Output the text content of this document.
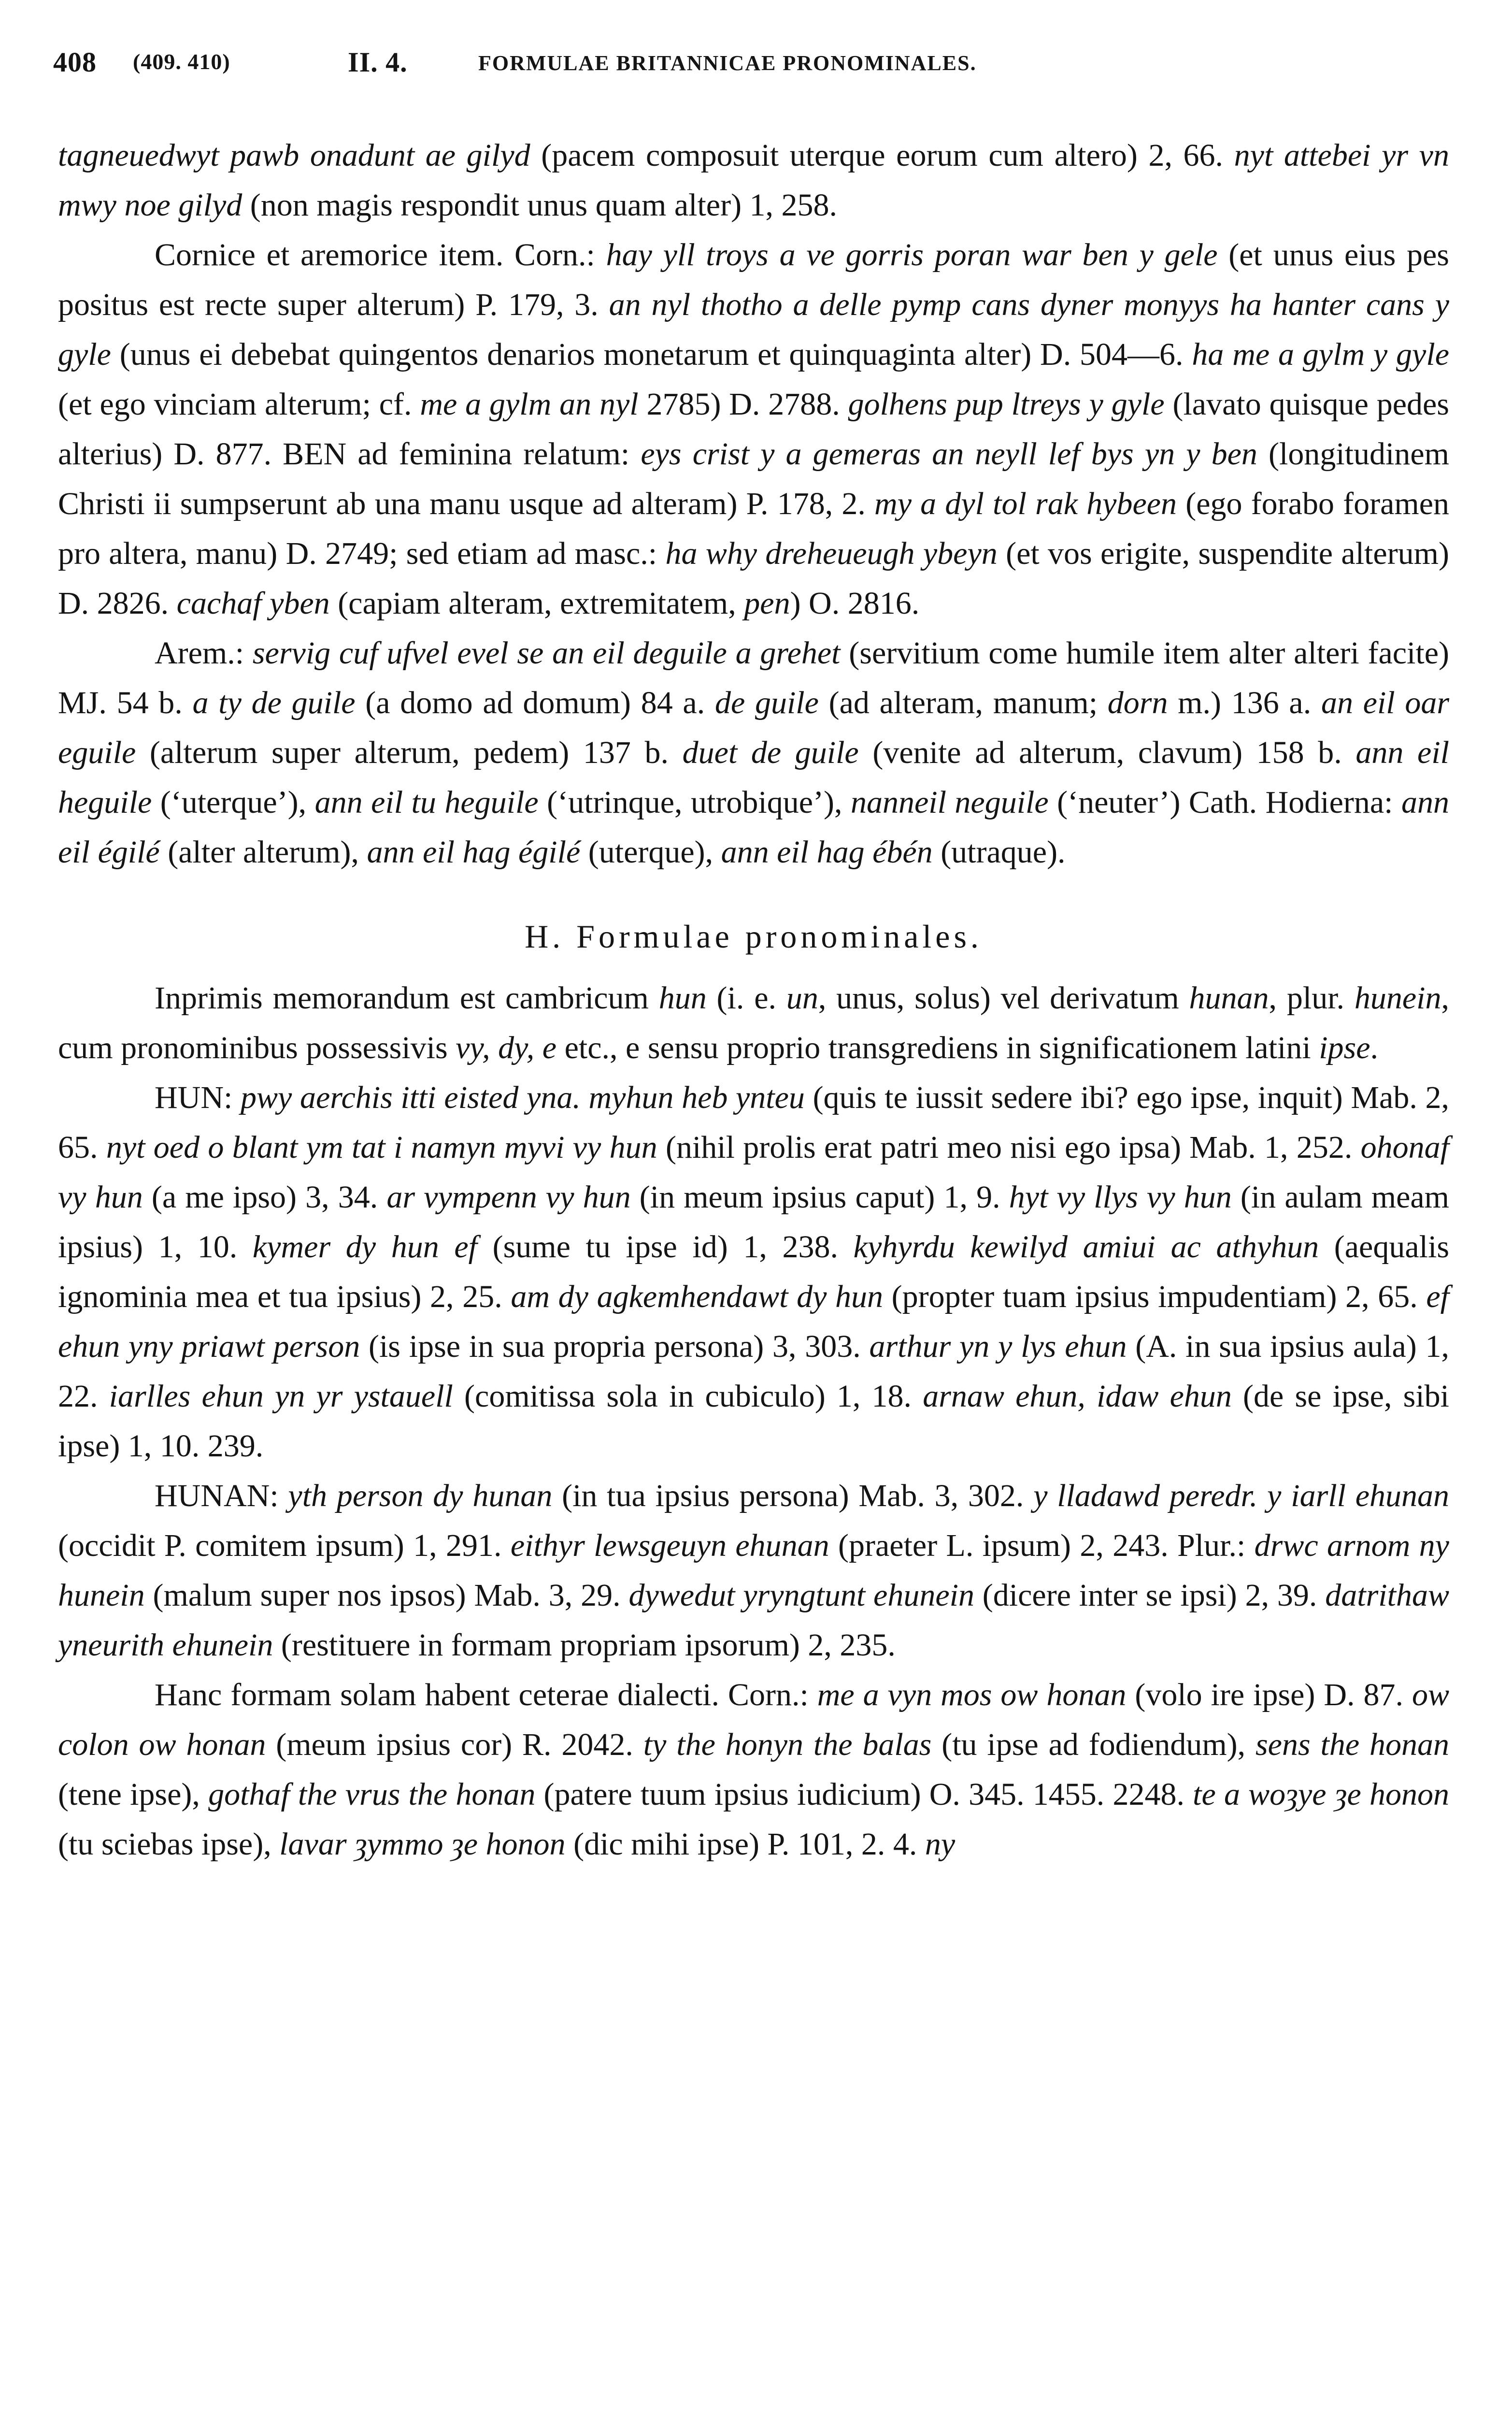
408 (409. 410)	II. 4.	FORMULAE BRITANNICAE PRONOMINALES.

tagneuedwyt pawb onadunt ae gilyd (pacem composuit uterque eorum cum altero) 2, 66. nyt attebei yr vn mwy noe gilyd (non magis respondit unus quam alter) 1, 258.

Cornice et aremorice item. Corn.: hay yll troys a ve gorris poran war ben y gele (et unus eius pes positus est recte super alterum) P. 179, 3. an nyl thotho a delle pymp cans dyner monyys ha hanter cans y gyle (unus ei debebat quingentos denarios monetarum et quinquaginta alter) D. 504—6. ha me a gylm y gyle (et ego vinciam alterum; cf. me a gylm an nyl 2785) D. 2788. golhens pup ltreys y gyle (lavato quisque pedes alterius) D. 877. BEN ad feminina relatum: eys crist y a gemeras an neyll lef bys yn y ben (longitudinem Christi ii sumpserunt ab una manu usque ad alteram) P. 178, 2. my a dyl tol rak hybeen (ego forabo foramen pro altera, manu) D. 2749; sed etiam ad masc.: ha why dreheueugh ybeyn (et vos erigite, suspendite alterum) D. 2826. cachaf yben (capiam alteram, extremitatem, pen) O. 2816.

Arem.: servig cuf ufvel evel se an eil deguile a grehet (servitium come humile item alter alteri facite) MJ. 54 b. a ty de guile (a domo ad domum) 84 a. de guile (ad alteram, manum; dorn m.) 136 a. an eil oar eguile (alterum super alterum, pedem) 137 b. duet de guile (venite ad alterum, clavum) 158 b. ann eil heguile (‘uterque’), ann eil tu heguile (‘utrinque, utrobique’), nanneil neguile (‘neuter’) Cath. Hodierna: ann eil égilé (alter alterum), ann eil hag égilé (uterque), ann eil hag ébén (utraque).

H. Formulae pronominales.

Inprimis memorandum est cambricum hun (i. e. un, unus, solus) vel derivatum hunan, plur. hunein, cum pronominibus possessivis vy, dy, e etc., e sensu proprio transgrediens in significationem latini ipse.

HUN: pwy aerchis itti eisted yna. myhun heb ynteu (quis te iussit sedere ibi? ego ipse, inquit) Mab. 2, 65. nyt oed o blant ym tat i namyn myvi vy hun (nihil prolis erat patri meo nisi ego ipsa) Mab. 1, 252. ohonaf vy hun (a me ipso) 3, 34. ar vympenn vy hun (in meum ipsius caput) 1, 9. hyt vy llys vy hun (in aulam meam ipsius) 1, 10. kymer dy hun ef (sume tu ipse id) 1, 238. kyhyrdu kewilyd amiui ac athyhun (aequalis ignominia mea et tua ipsius) 2, 25. am dy agkemhendawt dy hun (propter tuam ipsius impudentiam) 2, 65. ef ehun yny priawt person (is ipse in sua propria persona) 3, 303. arthur yn y lys ehun (A. in sua ipsius aula) 1, 22. iarlles ehun yn yr ystauell (comitissa sola in cubiculo) 1, 18. arnaw ehun, idaw ehun (de se ipse, sibi ipse) 1, 10. 239.

HUNAN: yth person dy hunan (in tua ipsius persona) Mab. 3, 302. y lladawd peredr. y iarll ehunan (occidit P. comitem ipsum) 1, 291. eithyr lewsgeuyn ehunan (praeter L. ipsum) 2, 243. Plur.: drwc arnom ny hunein (malum super nos ipsos) Mab. 3, 29. dywedut yryngtunt ehunein (dicere inter se ipsi) 2, 39. datrithaw yneurith ehunein (restituere in formam propriam ipsorum) 2, 235.

Hanc formam solam habent ceterae dialecti. Corn.: me a vyn mos ow honan (volo ire ipse) D. 87. ow colon ow honan (meum ipsius cor) R. 2042. ty the honyn the balas (tu ipse ad fodiendum), sens the honan (tene ipse), gothaf the vrus the honan (patere tuum ipsius iudicium) O. 345. 1455. 2248. te a woȝye ȝe honon (tu sciebas ipse), lavar ȝymmo ȝe honon (dic mihi ipse) P. 101, 2. 4. ny
